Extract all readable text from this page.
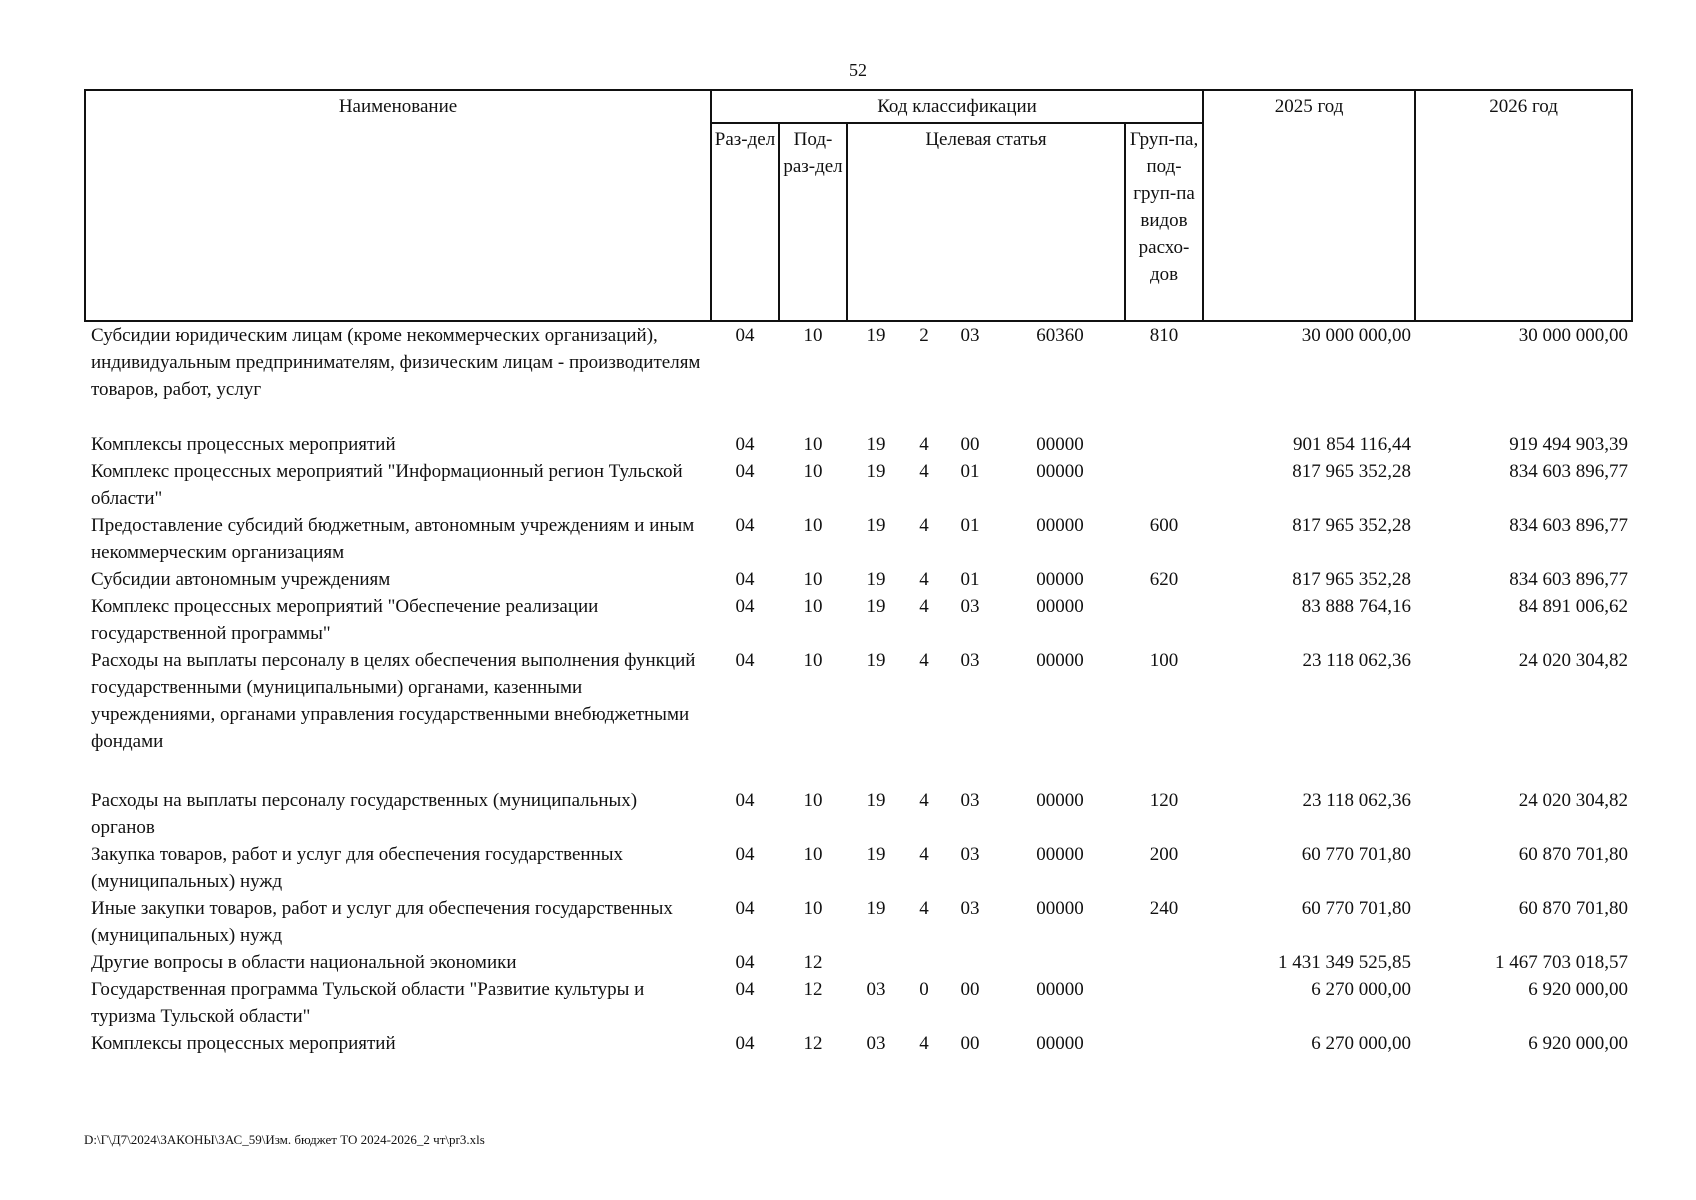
52
Наименование	Код классификации							2025 год	2026 год
	Раз-дел	Под-раз-дел	Целевая статья				Груп-па, под-груп-па видов расхо-дов		
Субсидии юридическим лицам (кроме некоммерческих организаций), индивидуальным предпринимателям, физическим лицам - производителям товаров, работ, услуг	04	10	19	2	03	60360	810	30 000 000,00	30 000 000,00
Комплексы процессных мероприятий	04	10	19	4	00	00000		901 854 116,44	919 494 903,39
Комплекс процессных мероприятий "Информационный регион Тульской области"	04	10	19	4	01	00000		817 965 352,28	834 603 896,77
Предоставление субсидий бюджетным, автономным учреждениям и иным некоммерческим организациям	04	10	19	4	01	00000	600	817 965 352,28	834 603 896,77
Субсидии автономным учреждениям	04	10	19	4	01	00000	620	817 965 352,28	834 603 896,77
Комплекс процессных мероприятий "Обеспечение реализации государственной программы"	04	10	19	4	03	00000		83 888 764,16	84 891 006,62
Расходы на выплаты персоналу в целях обеспечения выполнения функций государственными (муниципальными) органами, казенными учреждениями, органами управления государственными внебюджетными фондами	04	10	19	4	03	00000	100	23 118 062,36	24 020 304,82
Расходы на выплаты персоналу государственных (муниципальных) органов	04	10	19	4	03	00000	120	23 118 062,36	24 020 304,82
Закупка товаров, работ и услуг для обеспечения государственных (муниципальных) нужд	04	10	19	4	03	00000	200	60 770 701,80	60 870 701,80
Иные закупки товаров, работ и услуг для обеспечения государственных (муниципальных) нужд	04	10	19	4	03	00000	240	60 770 701,80	60 870 701,80
Другие вопросы в области национальной экономики	04	12						1 431 349 525,85	1 467 703 018,57
Государственная программа Тульской области "Развитие культуры и туризма Тульской области"	04	12	03	0	00	00000		6 270 000,00	6 920 000,00
Комплексы процессных мероприятий	04	12	03	4	00	00000		6 270 000,00	6 920 000,00
D:\Г\Д7\2024\ЗАКОНЫ\ЗАС_59\Изм. бюджет ТО 2024-2026_2 чт\pr3.xls
